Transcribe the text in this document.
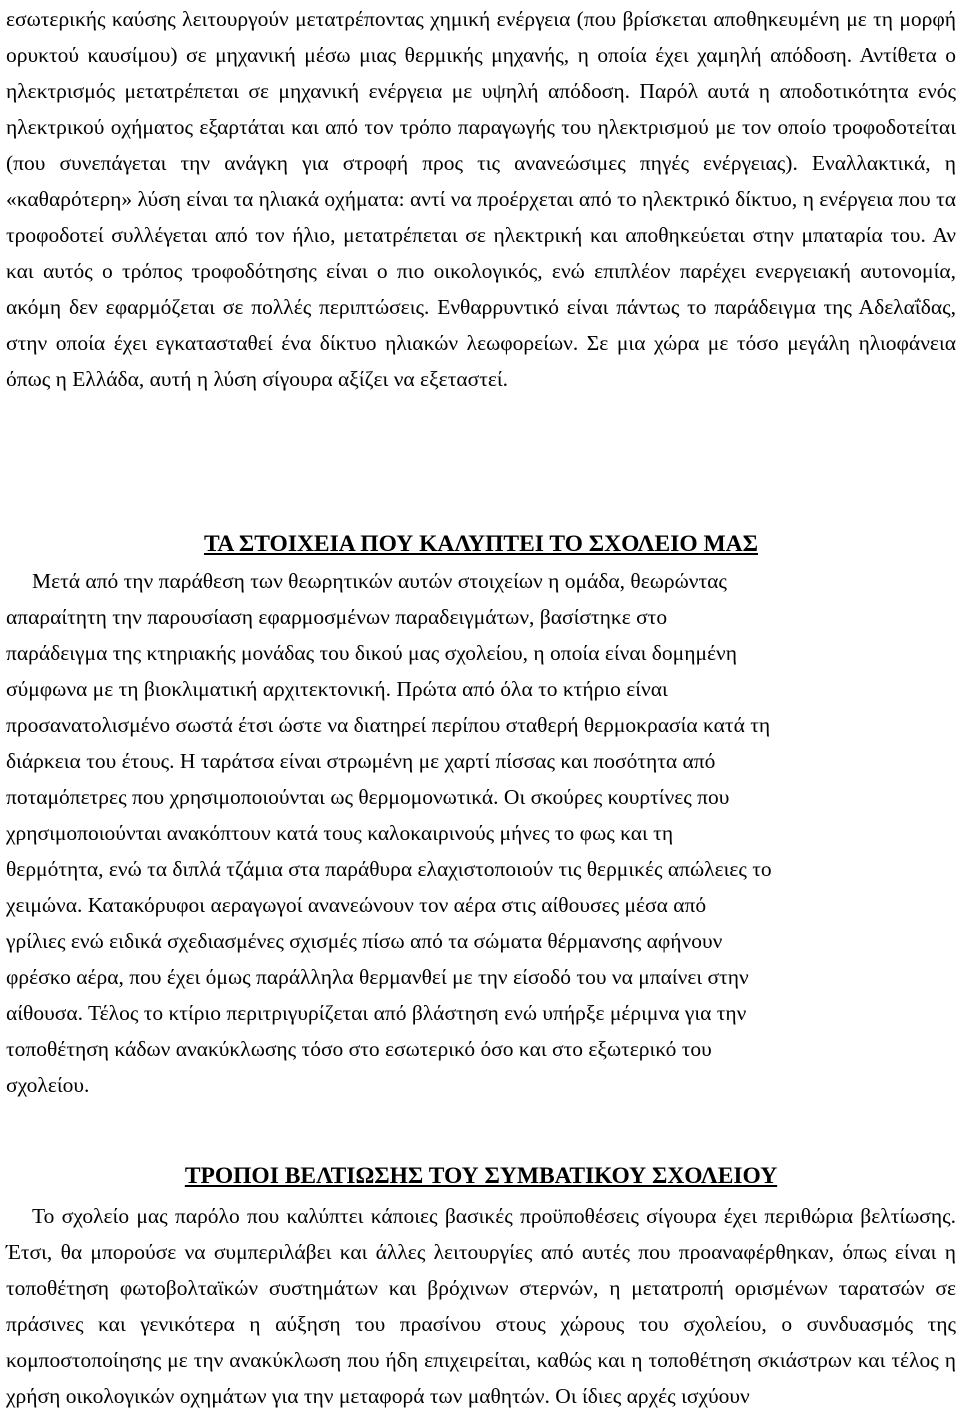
εσωτερικής καύσης λειτουργούν μετατρέποντας χημική ενέργεια (που βρίσκεται αποθηκευμένη με τη μορφή ορυκτού καυσίμου) σε μηχανική μέσω μιας θερμικής μηχανής, η οποία έχει χαμηλή απόδοση. Αντίθετα ο ηλεκτρισμός μετατρέπεται σε μηχανική ενέργεια με υψηλή απόδοση. Παρόλ αυτά η αποδοτικότητα ενός ηλεκτρικού οχήματος εξαρτάται και από τον τρόπο παραγωγής του ηλεκτρισμού με τον οποίο τροφοδοτείται (που συνεπάγεται την ανάγκη για στροφή προς τις ανανεώσιμες πηγές ενέργειας). Εναλλακτικά, η «καθαρότερη» λύση είναι τα ηλιακά οχήματα: αντί να προέρχεται από το ηλεκτρικό δίκτυο, η ενέργεια που τα τροφοδοτεί συλλέγεται από τον ήλιο, μετατρέπεται σε ηλεκτρική και αποθηκεύεται στην μπαταρία του. Αν και αυτός ο τρόπος τροφοδότησης είναι ο πιο οικολογικός, ενώ επιπλέον παρέχει ενεργειακή αυτονομία, ακόμη δεν εφαρμόζεται σε πολλές περιπτώσεις. Ενθαρρυντικό είναι πάντως το παράδειγμα της Αδελαΐδας, στην οποία έχει εγκατασταθεί ένα δίκτυο ηλιακών λεωφορείων. Σε μια χώρα με τόσο μεγάλη ηλιοφάνεια όπως η Ελλάδα, αυτή η λύση σίγουρα αξίζει να εξεταστεί.

ΤΑ ΣΤΟΙΧΕΙΑ ΠΟΥ ΚΑΛΥΠΤΕΙ ΤΟ ΣΧΟΛΕΙΟ ΜΑΣ
Μετά από την παράθεση των θεωρητικών αυτών στοιχείων η ομάδα, θεωρώντας
απαραίτητη την παρουσίαση εφαρμοσμένων παραδειγμάτων, βασίστηκε στο
παράδειγμα της κτηριακής μονάδας του δικού μας σχολείου, η οποία είναι δομημένη
σύμφωνα με τη βιοκλιματική αρχιτεκτονική. Πρώτα από όλα το κτήριο είναι
προσανατολισμένο σωστά έτσι ώστε να διατηρεί περίπου σταθερή θερμοκρασία κατά τη
διάρκεια του έτους. Η ταράτσα είναι στρωμένη με χαρτί πίσσας και ποσότητα από
ποταμόπετρες που χρησιμοποιούνται ως θερμομονωτικά. Οι σκούρες κουρτίνες που
χρησιμοποιούνται ανακόπτουν κατά τους καλοκαιρινούς μήνες το φως και τη
θερμότητα, ενώ τα διπλά τζάμια στα παράθυρα ελαχιστοποιούν τις θερμικές απώλειες το
χειμώνα. Κατακόρυφοι αεραγωγοί ανανεώνουν τον αέρα στις αίθουσες μέσα από
γρίλιες ενώ ειδικά σχεδιασμένες σχισμές πίσω από τα σώματα θέρμανσης αφήνουν
φρέσκο αέρα, που έχει όμως παράλληλα θερμανθεί με την είσοδό του να μπαίνει στην
αίθουσα. Τέλος το κτίριο περιτριγυρίζεται από βλάστηση ενώ υπήρξε μέριμνα για την
τοποθέτηση κάδων ανακύκλωσης τόσο στο εσωτερικό όσο και στο εξωτερικό του
σχολείου.
ΤΡΟΠΟΙ ΒΕΛΤΙΩΣΗΣ ΤΟΥ ΣΥΜΒΑΤΙΚΟΥ ΣΧΟΛΕΙΟΥ

Το σχολείο μας παρόλο που καλύπτει κάποιες βασικές προϋποθέσεις σίγουρα έχει περιθώρια βελτίωσης. Έτσι, θα μπορούσε να συμπεριλάβει και άλλες λειτουργίες από αυτές που προαναφέρθηκαν, όπως είναι η τοποθέτηση φωτοβολταϊκών συστημάτων και βρόχινων στερνών, η μετατροπή ορισμένων ταρατσών σε πράσινες και γενικότερα η αύξηση του πρασίνου στους χώρους του σχολείου, ο συνδυασμός της κομποστοποίησης με την ανακύκλωση που ήδη επιχειρείται, καθώς και η τοποθέτηση σκιάστρων και τέλος η χρήση οικολογικών οχημάτων για την μεταφορά των μαθητών. Οι ίδιες αρχές ισχύουν
